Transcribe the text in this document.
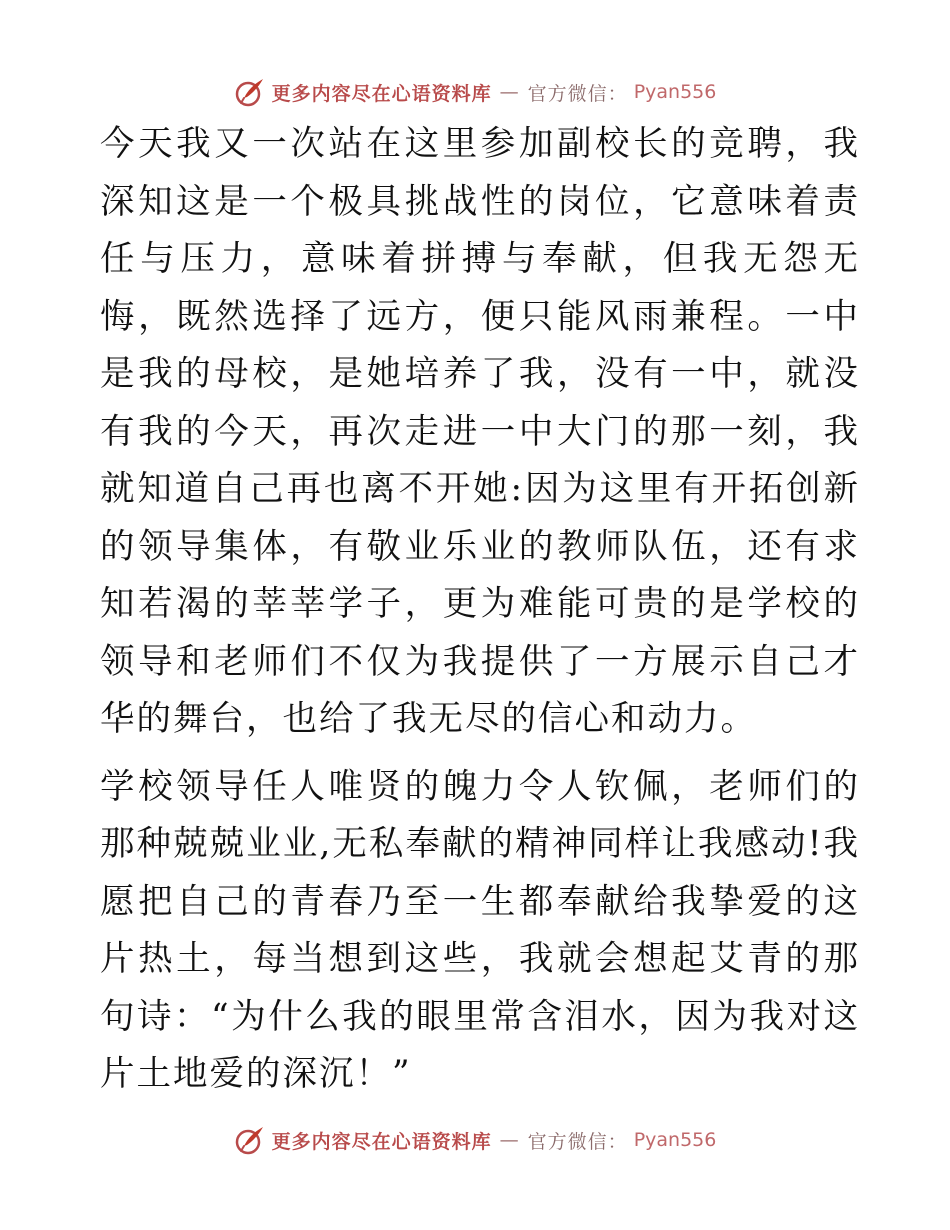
更多内容尽在心语资料库 — 官方微信： Pyan556

今天我又一次站在这里参加副校长的竞聘，我深知这是一个极具挑战性的岗位，它意味着责任与压力，意味着拼搏与奉献，但我无怨无悔，既然选择了远方，便只能风雨兼程。一中是我的母校，是她培养了我，没有一中，就没有我的今天，再次走进一中大门的那一刻，我就知道自己再也离不开她:因为这里有开拓创新的领导集体，有敬业乐业的教师队伍，还有求知若渴的莘莘学子，更为难能可贵的是学校的领导和老师们不仅为我提供了一方展示自己才华的舞台，也给了我无尽的信心和动力。

学校领导任人唯贤的魄力令人钦佩，老师们的那种兢兢业业,无私奉献的精神同样让我感动!我愿把自己的青春乃至一生都奉献给我挚爱的这片热土，每当想到这些，我就会想起艾青的那句诗：“为什么我的眼里常含泪水，因为我对这片土地爱的深沉！”

更多内容尽在心语资料库 — 官方微信： Pyan556
